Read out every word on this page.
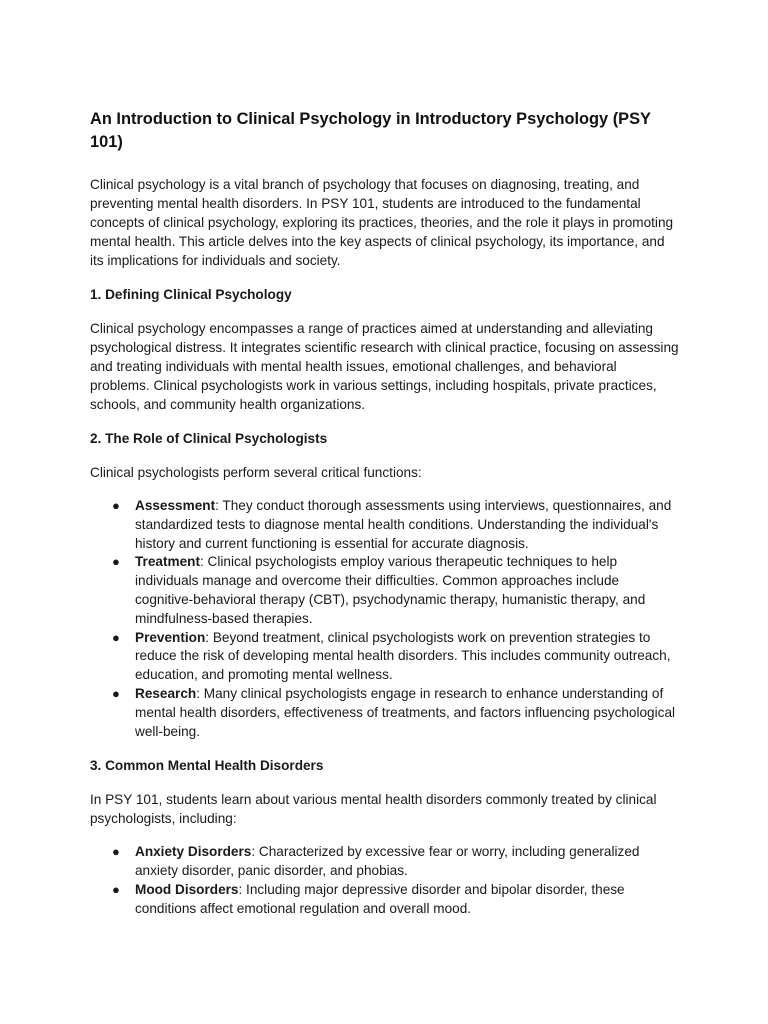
An Introduction to Clinical Psychology in Introductory Psychology (PSY 101)

Clinical psychology is a vital branch of psychology that focuses on diagnosing, treating, and preventing mental health disorders. In PSY 101, students are introduced to the fundamental concepts of clinical psychology, exploring its practices, theories, and the role it plays in promoting mental health. This article delves into the key aspects of clinical psychology, its importance, and its implications for individuals and society.

1. Defining Clinical Psychology

Clinical psychology encompasses a range of practices aimed at understanding and alleviating psychological distress. It integrates scientific research with clinical practice, focusing on assessing and treating individuals with mental health issues, emotional challenges, and behavioral problems. Clinical psychologists work in various settings, including hospitals, private practices, schools, and community health organizations.

2. The Role of Clinical Psychologists

Clinical psychologists perform several critical functions:

● Assessment: They conduct thorough assessments using interviews, questionnaires, and standardized tests to diagnose mental health conditions. Understanding the individual's history and current functioning is essential for accurate diagnosis.
● Treatment: Clinical psychologists employ various therapeutic techniques to help individuals manage and overcome their difficulties. Common approaches include cognitive-behavioral therapy (CBT), psychodynamic therapy, humanistic therapy, and mindfulness-based therapies.
● Prevention: Beyond treatment, clinical psychologists work on prevention strategies to reduce the risk of developing mental health disorders. This includes community outreach, education, and promoting mental wellness.
● Research: Many clinical psychologists engage in research to enhance understanding of mental health disorders, effectiveness of treatments, and factors influencing psychological well-being.
3. Common Mental Health Disorders

In PSY 101, students learn about various mental health disorders commonly treated by clinical psychologists, including:

● Anxiety Disorders: Characterized by excessive fear or worry, including generalized anxiety disorder, panic disorder, and phobias.
● Mood Disorders: Including major depressive disorder and bipolar disorder, these conditions affect emotional regulation and overall mood.
